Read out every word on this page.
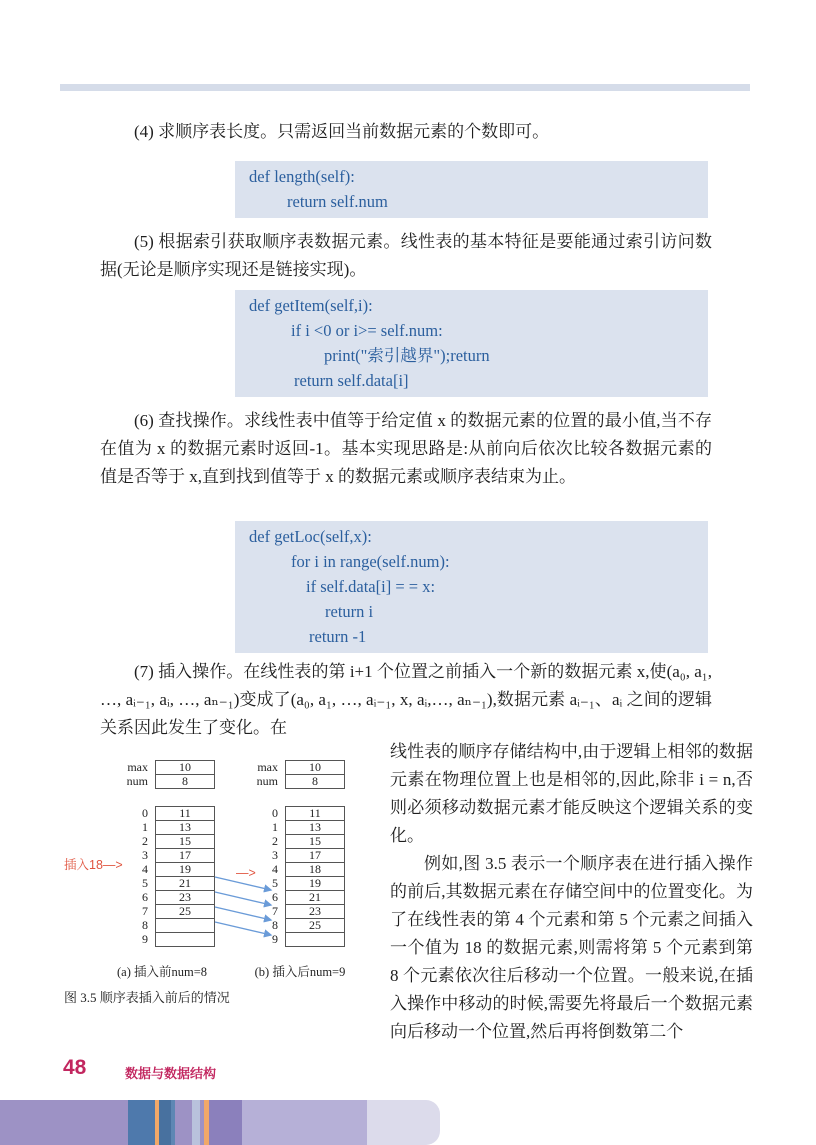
(4) 求顺序表长度。只需返回当前数据元素的个数即可。
def length(self):
return self.num
(5) 根据索引获取顺序表数据元素。线性表的基本特征是要能通过索引访问数据(无论是顺序实现还是链接实现)。
def getItem(self,i):
if i <0 or i>= self.num:
print("索引越界");return
return self.data[i]
(6) 查找操作。求线性表中值等于给定值 x 的数据元素的位置的最小值,当不存在值为 x 的数据元素时返回-1。基本实现思路是:从前向后依次比较各数据元素的值是否等于 x,直到找到值等于 x 的数据元素或顺序表结束为止。
def getLoc(self,x):
for i in range(self.num):
if self.data[i] = = x:
return i
return -1
(7) 插入操作。在线性表的第 i+1 个位置之前插入一个新的数据元素 x,使(a₀, a₁, …, aᵢ₋₁, aᵢ, …, aₙ₋₁)变成了(a₀, a₁, …, aᵢ₋₁, x, aᵢ,…, aₙ₋₁),数据元素 aᵢ₋₁、aᵢ 之间的逻辑关系因此发生了变化。在
插入18—>
max	10
num	8
0	11
1	13
2	15
3	17
4	19
5	21
6	23
7	25
8
9
—>
max	10
num	8
0	11
1	13
2	15
3	17
4	18
5	19
6	21
7	23
8	25
9
(a) 插入前num=8	(b) 插入后num=9
图 3.5 顺序表插入前后的情况
线性表的顺序存储结构中,由于逻辑上相邻的数据元素在物理位置上也是相邻的,因此,除非 i = n,否则必须移动数据元素才能反映这个逻辑关系的变化。
例如,图 3.5 表示一个顺序表在进行插入操作的前后,其数据元素在存储空间中的位置变化。为了在线性表的第 4 个元素和第 5 个元素之间插入一个值为 18 的数据元素,则需将第 5 个元素到第 8 个元素依次往后移动一个位置。一般来说,在插入操作中移动的时候,需要先将最后一个数据元素向后移动一个位置,然后再将倒数第二个
48	数据与数据结构
